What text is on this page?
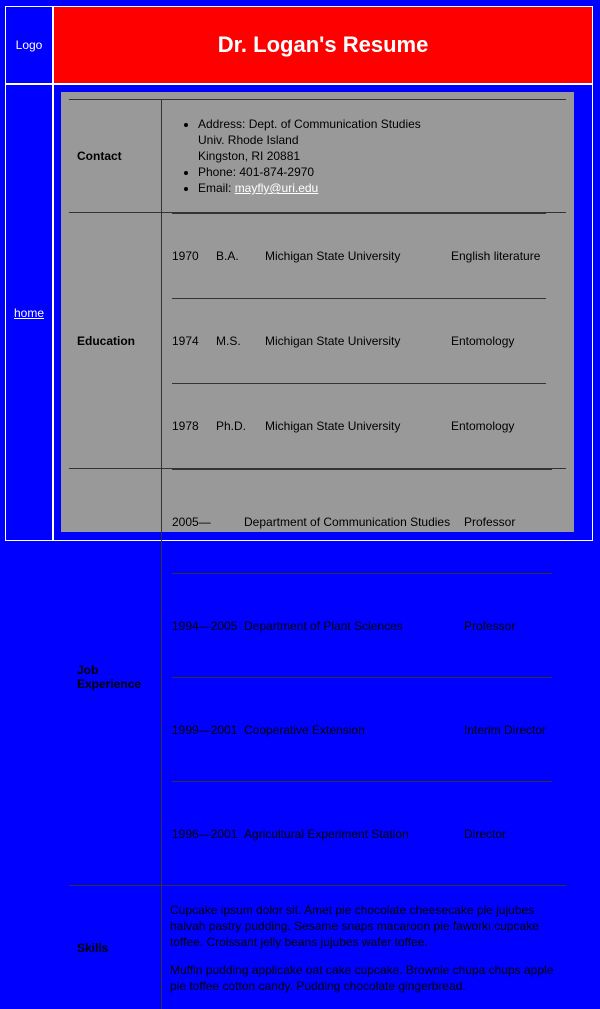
Logo	Dr. Logan's Resume
home
Contact	
• Address: Dept. of Communication Studies
Univ. Rhode Island
Kingston, RI 20881
• Phone: 401-874-2970
• Email: mayfly@uri.edu

Education	
1970	B.A.	Michigan State University	English literature
1974	M.S.	Michigan State University	Entomology
1978	Ph.D.	Michigan State University	Entomology

Job Experience	
2005—	Department of Communication Studies	Professor
1994—2005	Department of Plant Sciences	Professor
1999—2001	Cooperative Extension	Interim Director
1996—2001	Agricultural Experiment Station	Director

Skills	

Cupcake ipsum dolor sit. Amet pie chocolate cheesecake pie jujubes halvah pastry pudding. Sesame snaps macaroon pie faworki cupcake toffee. Croissant jelly beans jujubes wafer toffee.

Muffin pudding applicake oat cake cupcake. Brownie chupa chups apple pie toffee cotton candy. Pudding chocolate gingerbread.
